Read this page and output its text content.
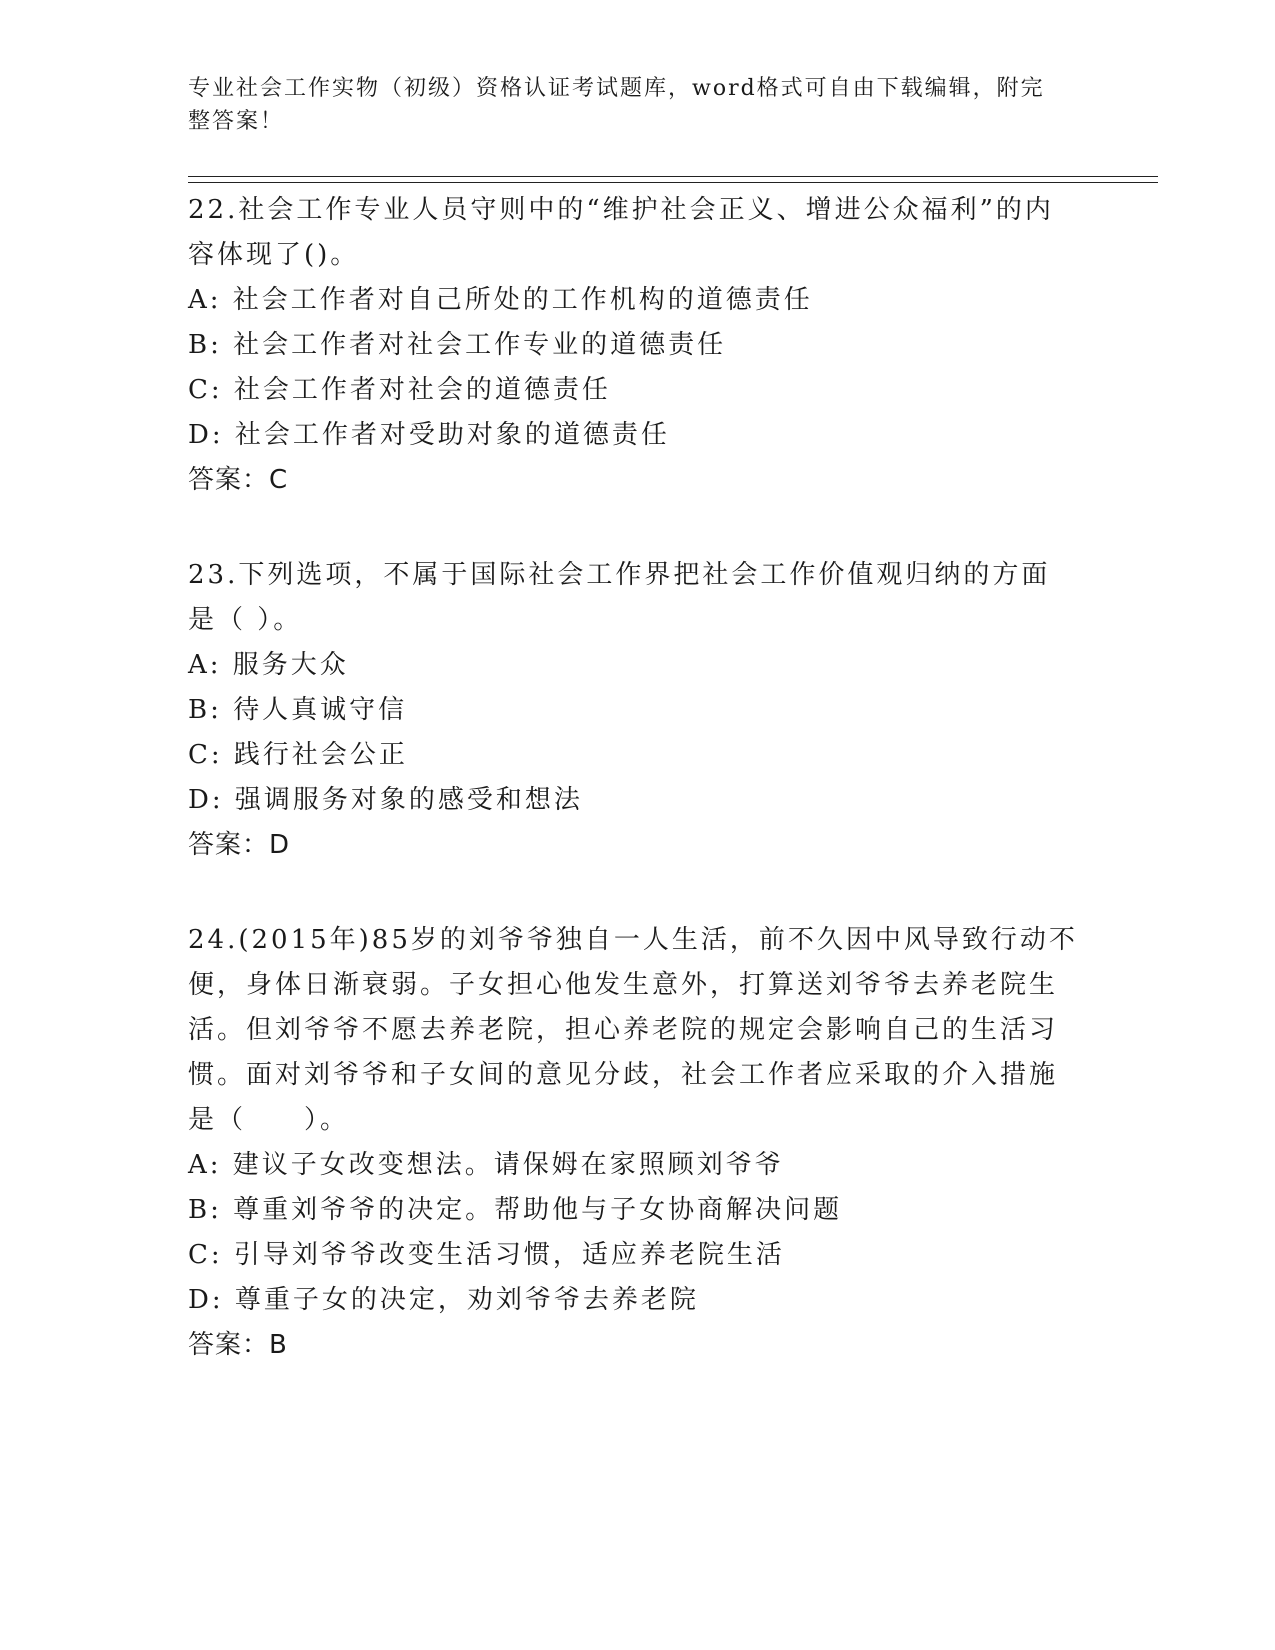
专业社会工作实物（初级）资格认证考试题库，word格式可自由下载编辑，附完整答案！

22.社会工作专业人员守则中的“维护社会正义、增进公众福利”的内容体现了()。

A: 社会工作者对自己所处的工作机构的道德责任

B: 社会工作者对社会工作专业的道德责任

C: 社会工作者对社会的道德责任

D: 社会工作者对受助对象的道德责任

答案：C

23.下列选项，不属于国际社会工作界把社会工作价值观归纳的方面是（ ）。

A: 服务大众

B: 待人真诚守信

C: 践行社会公正

D: 强调服务对象的感受和想法

答案：D

24.(2015年)85岁的刘爷爷独自一人生活，前不久因中风导致行动不便，身体日渐衰弱。子女担心他发生意外，打算送刘爷爷去养老院生活。但刘爷爷不愿去养老院，担心养老院的规定会影响自己的生活习惯。面对刘爷爷和子女间的意见分歧，社会工作者应采取的介入措施是（　　）。

A: 建议子女改变想法。请保姆在家照顾刘爷爷

B: 尊重刘爷爷的决定。帮助他与子女协商解决问题

C: 引导刘爷爷改变生活习惯，适应养老院生活

D: 尊重子女的决定，劝刘爷爷去养老院

答案：B
